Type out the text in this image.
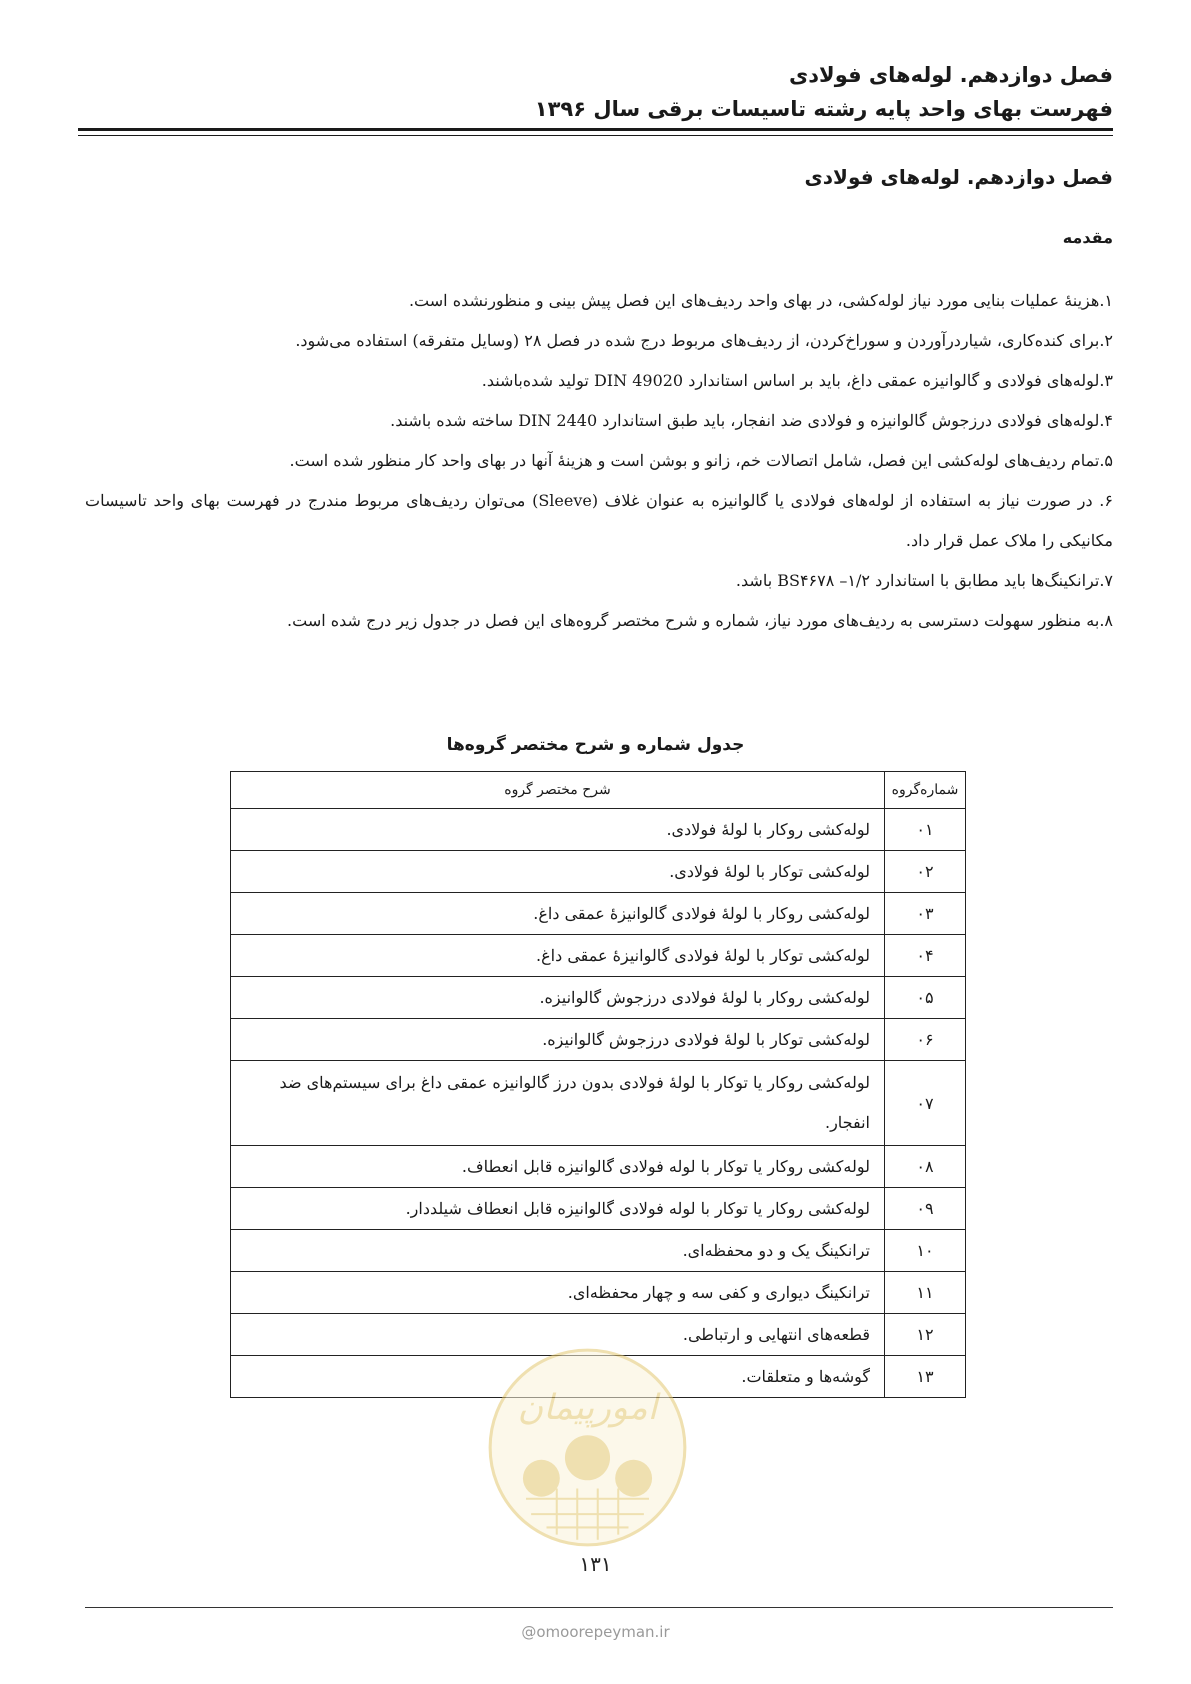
فصل دوازدهم. لوله‌های فولادی
فهرست بهای واحد پایه رشته تاسیسات برقی سال ۱۳۹۶
فصل دوازدهم. لوله‌های فولادی
مقدمه

۱.هزینهٔ عملیات بنایی مورد نیاز لوله‌کشی، در بهای واحد ردیف‌های این فصل پیش بینی و منظورنشده است.

۲.برای کنده‌کاری، شیاردرآوردن و سوراخ‌کردن، از ردیف‌های مربوط درج شده در فصل ۲۸ (وسایل متفرقه) استفاده می‌شود.

۳.لوله‌های فولادی و گالوانیزه عمقی داغ، باید بر اساس استاندارد DIN 49020 تولید شده‌باشند.

۴.لوله‌های فولادی درزجوش گالوانیزه و فولادی ضد انفجار، باید طبق استاندارد DIN 2440 ساخته شده باشند.

۵.تمام ردیف‌های لوله‌کشی این فصل، شامل اتصالات خم، زانو و بوشن است و هزینهٔ آنها در بهای واحد کار منظور شده است.

۶. در صورت نیاز به استفاده از لوله‌های فولادی یا گالوانیزه به عنوان غلاف (Sleeve) می‌توان ردیف‌های مربوط مندرج در فهرست بهای واحد تاسیسات مکانیکی را ملاک عمل قرار داد.

۷.ترانکینگ‌ها باید مطابق با استاندارد ۱/۲– BS۴۶۷۸ باشد.

۸.به منظور سهولت دسترسی به ردیف‌های مورد نیاز، شماره و شرح مختصر گروه‌های این فصل در جدول زیر درج شده است.

جدول شماره و شرح مختصر گروه‌ها
شماره‌گروه	شرح مختصر گروه
۰۱	لوله‌کشی روکار با لولهٔ فولادی.
۰۲	لوله‌کشی توکار با لولهٔ فولادی.
۰۳	لوله‌کشی روکار با لولهٔ فولادی گالوانیزهٔ عمقی داغ.
۰۴	لوله‌کشی توکار با لولهٔ فولادی گالوانیزهٔ عمقی داغ.
۰۵	لوله‌کشی روکار با لولهٔ فولادی درزجوش گالوانیزه.
۰۶	لوله‌کشی توکار با لولهٔ فولادی درزجوش گالوانیزه.
۰۷	لوله‌کشی روکار یا توکار با لولهٔ فولادی بدون درز گالوانیزه عمقی داغ برای سیستم‌های ضد انفجار.
۰۸	لوله‌کشی روکار یا توکار با لوله فولادی گالوانیزه قابل انعطاف.
۰۹	لوله‌کشی روکار یا توکار با لوله فولادی گالوانیزه قابل انعطاف شیلددار.
۱۰	ترانکینگ یک و دو محفظه‌ای.
۱۱	ترانکینگ دیواری و کفی سه و چهار محفظه‌ای.
۱۲	قطعه‌های انتهایی و ارتباطی.
۱۳	گوشه‌ها و متعلقات.
امورپیمان
۱۳۱
@omoorepeyman.ir
